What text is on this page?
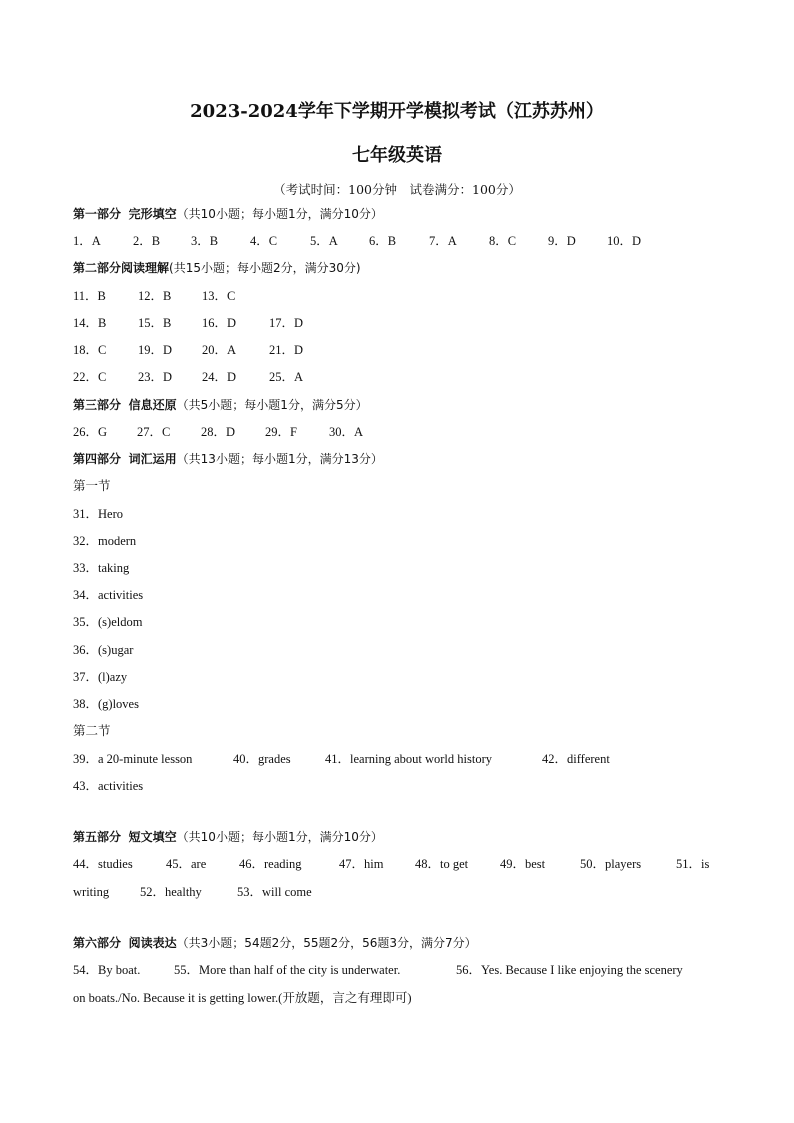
2023-2024学年下学期开学模拟考试（江苏苏州）
七年级英语
（考试时间：100分钟　试卷满分：100分）
第一部分 完形填空（共10小题；每小题1分，满分10分）
1．A	2．B 3．B	4．C	5．A 6．B	7．A	8．C	9．D 10．D
第二部分阅读理解(共15小题；每小题2分，满分30分)
11．B	12．B 13．C
14．B	15．B 16．D	17．D
18．C	19．D 20．A	21．D
22．C	23．D 24．D	25．A
第三部分 信息还原（共5小题；每小题1分，满分5分）
26．G 27．C 28．D 29．F	30．A
第四部分 词汇运用（共13小题；每小题1分，满分13分）
第一节
31．Hero
32．modern
33．taking
34．activities
35．(s)eldom
36．(s)ugar
37．(l)azy
38．(g)loves
第二节
39．a 20-minute lesson	40．grades	41．learning about world history	42．different
43．activities
第五部分 短文填空（共10小题；每小题1分，满分10分）
44．studies	45．are	46．reading	47．him	48．to get	49．best	50．players	51．is
writing 52．healthy	53．will come
第六部分 阅读表达（共3小题；54题2分，55题2分，56题3分，满分7分）
54．By boat.	55．More than half of the city is underwater.	56．Yes. Because I like enjoying the scenery
on boats./No. Because it is getting lower.(开放题，言之有理即可)
